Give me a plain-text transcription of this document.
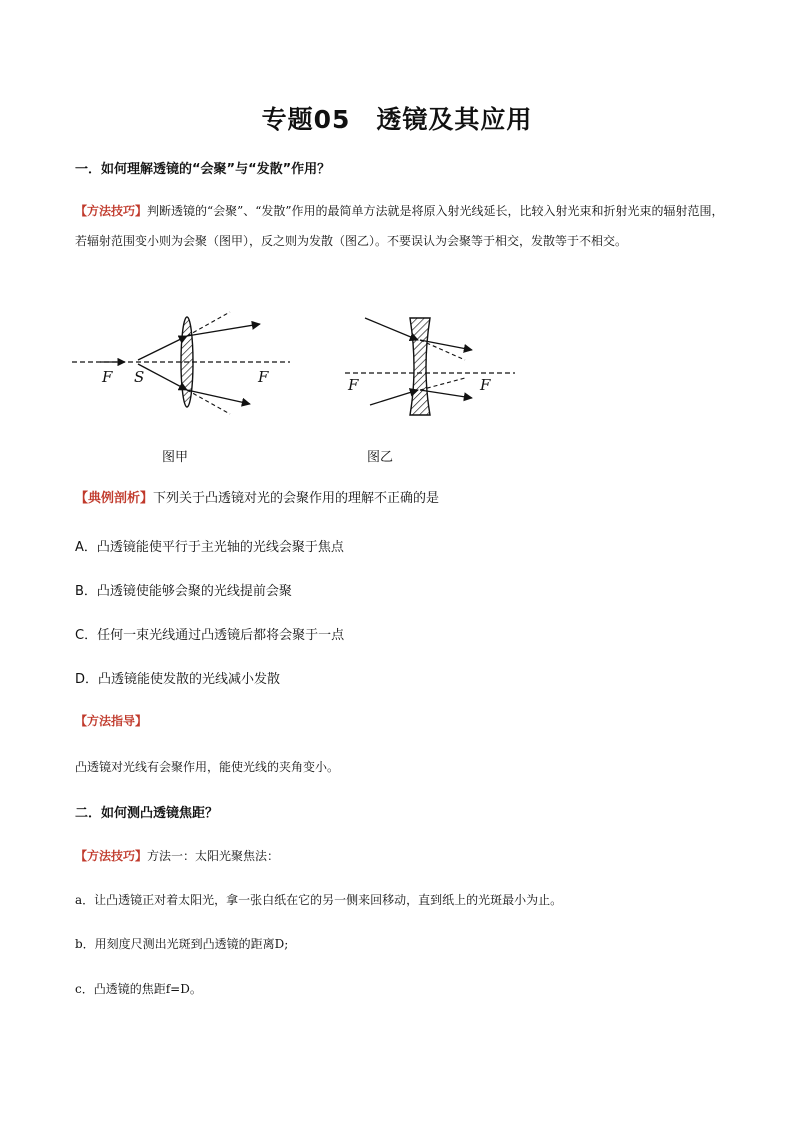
专题05　透镜及其应用
一．如何理解透镜的“会聚”与“发散”作用？
【方法技巧】判断透镜的“会聚”、“发散”作用的最简单方法就是将原入射光线延长，比较入射光束和折射光束的辐射范围，若辐射范围变小则为会聚（图甲），反之则为发散（图乙）。不要误认为会聚等于相交，发散等于不相交。
F S	F
图甲
F	F
图乙
【典例剖析】下列关于凸透镜对光的会聚作用的理解不正确的是
A．凸透镜能使平行于主光轴的光线会聚于焦点
B．凸透镜使能够会聚的光线提前会聚
C．任何一束光线通过凸透镜后都将会聚于一点
D．凸透镜能使发散的光线减小发散
【方法指导】
凸透镜对光线有会聚作用，能使光线的夹角变小。
二．如何测凸透镜焦距？
【方法技巧】方法一：太阳光聚焦法：
a．让凸透镜正对着太阳光，拿一张白纸在它的另一侧来回移动，直到纸上的光斑最小为止。
b．用刻度尺测出光斑到凸透镜的距离D;
c．凸透镜的焦距f=D。
